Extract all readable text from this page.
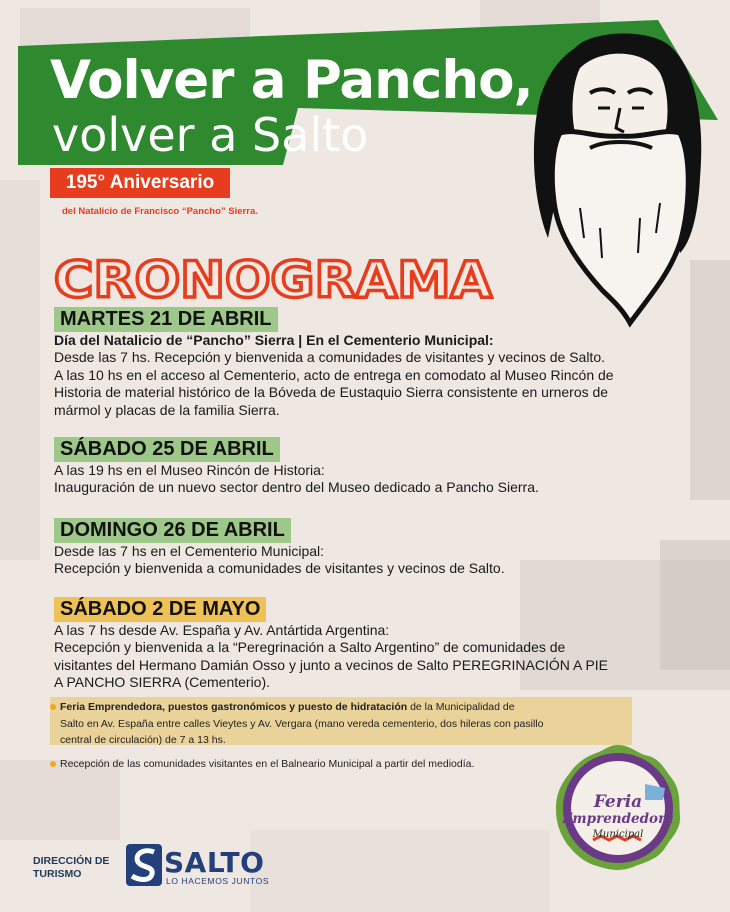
Volver a Pancho,
volver a Salto
195° Aniversario
del Natalicio de Francisco “Pancho” Sierra.
CRONOGRAMA
MARTES 21 DE ABRIL

Día del Natalicio de “Pancho” Sierra | En el Cementerio Municipal:

Desde las 7 hs. Recepción y bienvenida a comunidades de visitantes y vecinos de Salto.

A las 10 hs en el acceso al Cementerio, acto de entrega en comodato al Museo Rincón de

Historia de material histórico de la Bóveda de Eustaquio Sierra consistente en urneros de

mármol y placas de la familia Sierra.

SÁBADO 25 DE ABRIL

A las 19 hs en el Museo Rincón de Historia:

Inauguración de un nuevo sector dentro del Museo dedicado a Pancho Sierra.

DOMINGO 26 DE ABRIL

Desde las 7 hs en el Cementerio Municipal:

Recepción y bienvenida a comunidades de visitantes y vecinos de Salto.

SÁBADO 2 DE MAYO

A las 7 hs desde Av. España y Av. Antártida Argentina:

Recepción y bienvenida a la “Peregrinación a Salto Argentino” de comunidades de

visitantes del Hermano Damián Osso y junto a vecinos de Salto PEREGRINACIÓN A PIE

A PANCHO SIERRA (Cementerio).

Feria Emprendedora, puestos gastronómicos y puesto de hidratación de la Municipalidad de
Salto en Av. España entre calles Vieytes y Av. Vergara (mano vereda cementerio, dos hileras con pasillo
central de circulación) de 7 a 13 hs.
Recepción de las comunidades visitantes en el Balneario Municipal a partir del mediodía.
DIRECCIÓN DE
TURISMO	SALTO
LO HACEMOS JUNTOS
Feria
Emprendedora
Municipal
